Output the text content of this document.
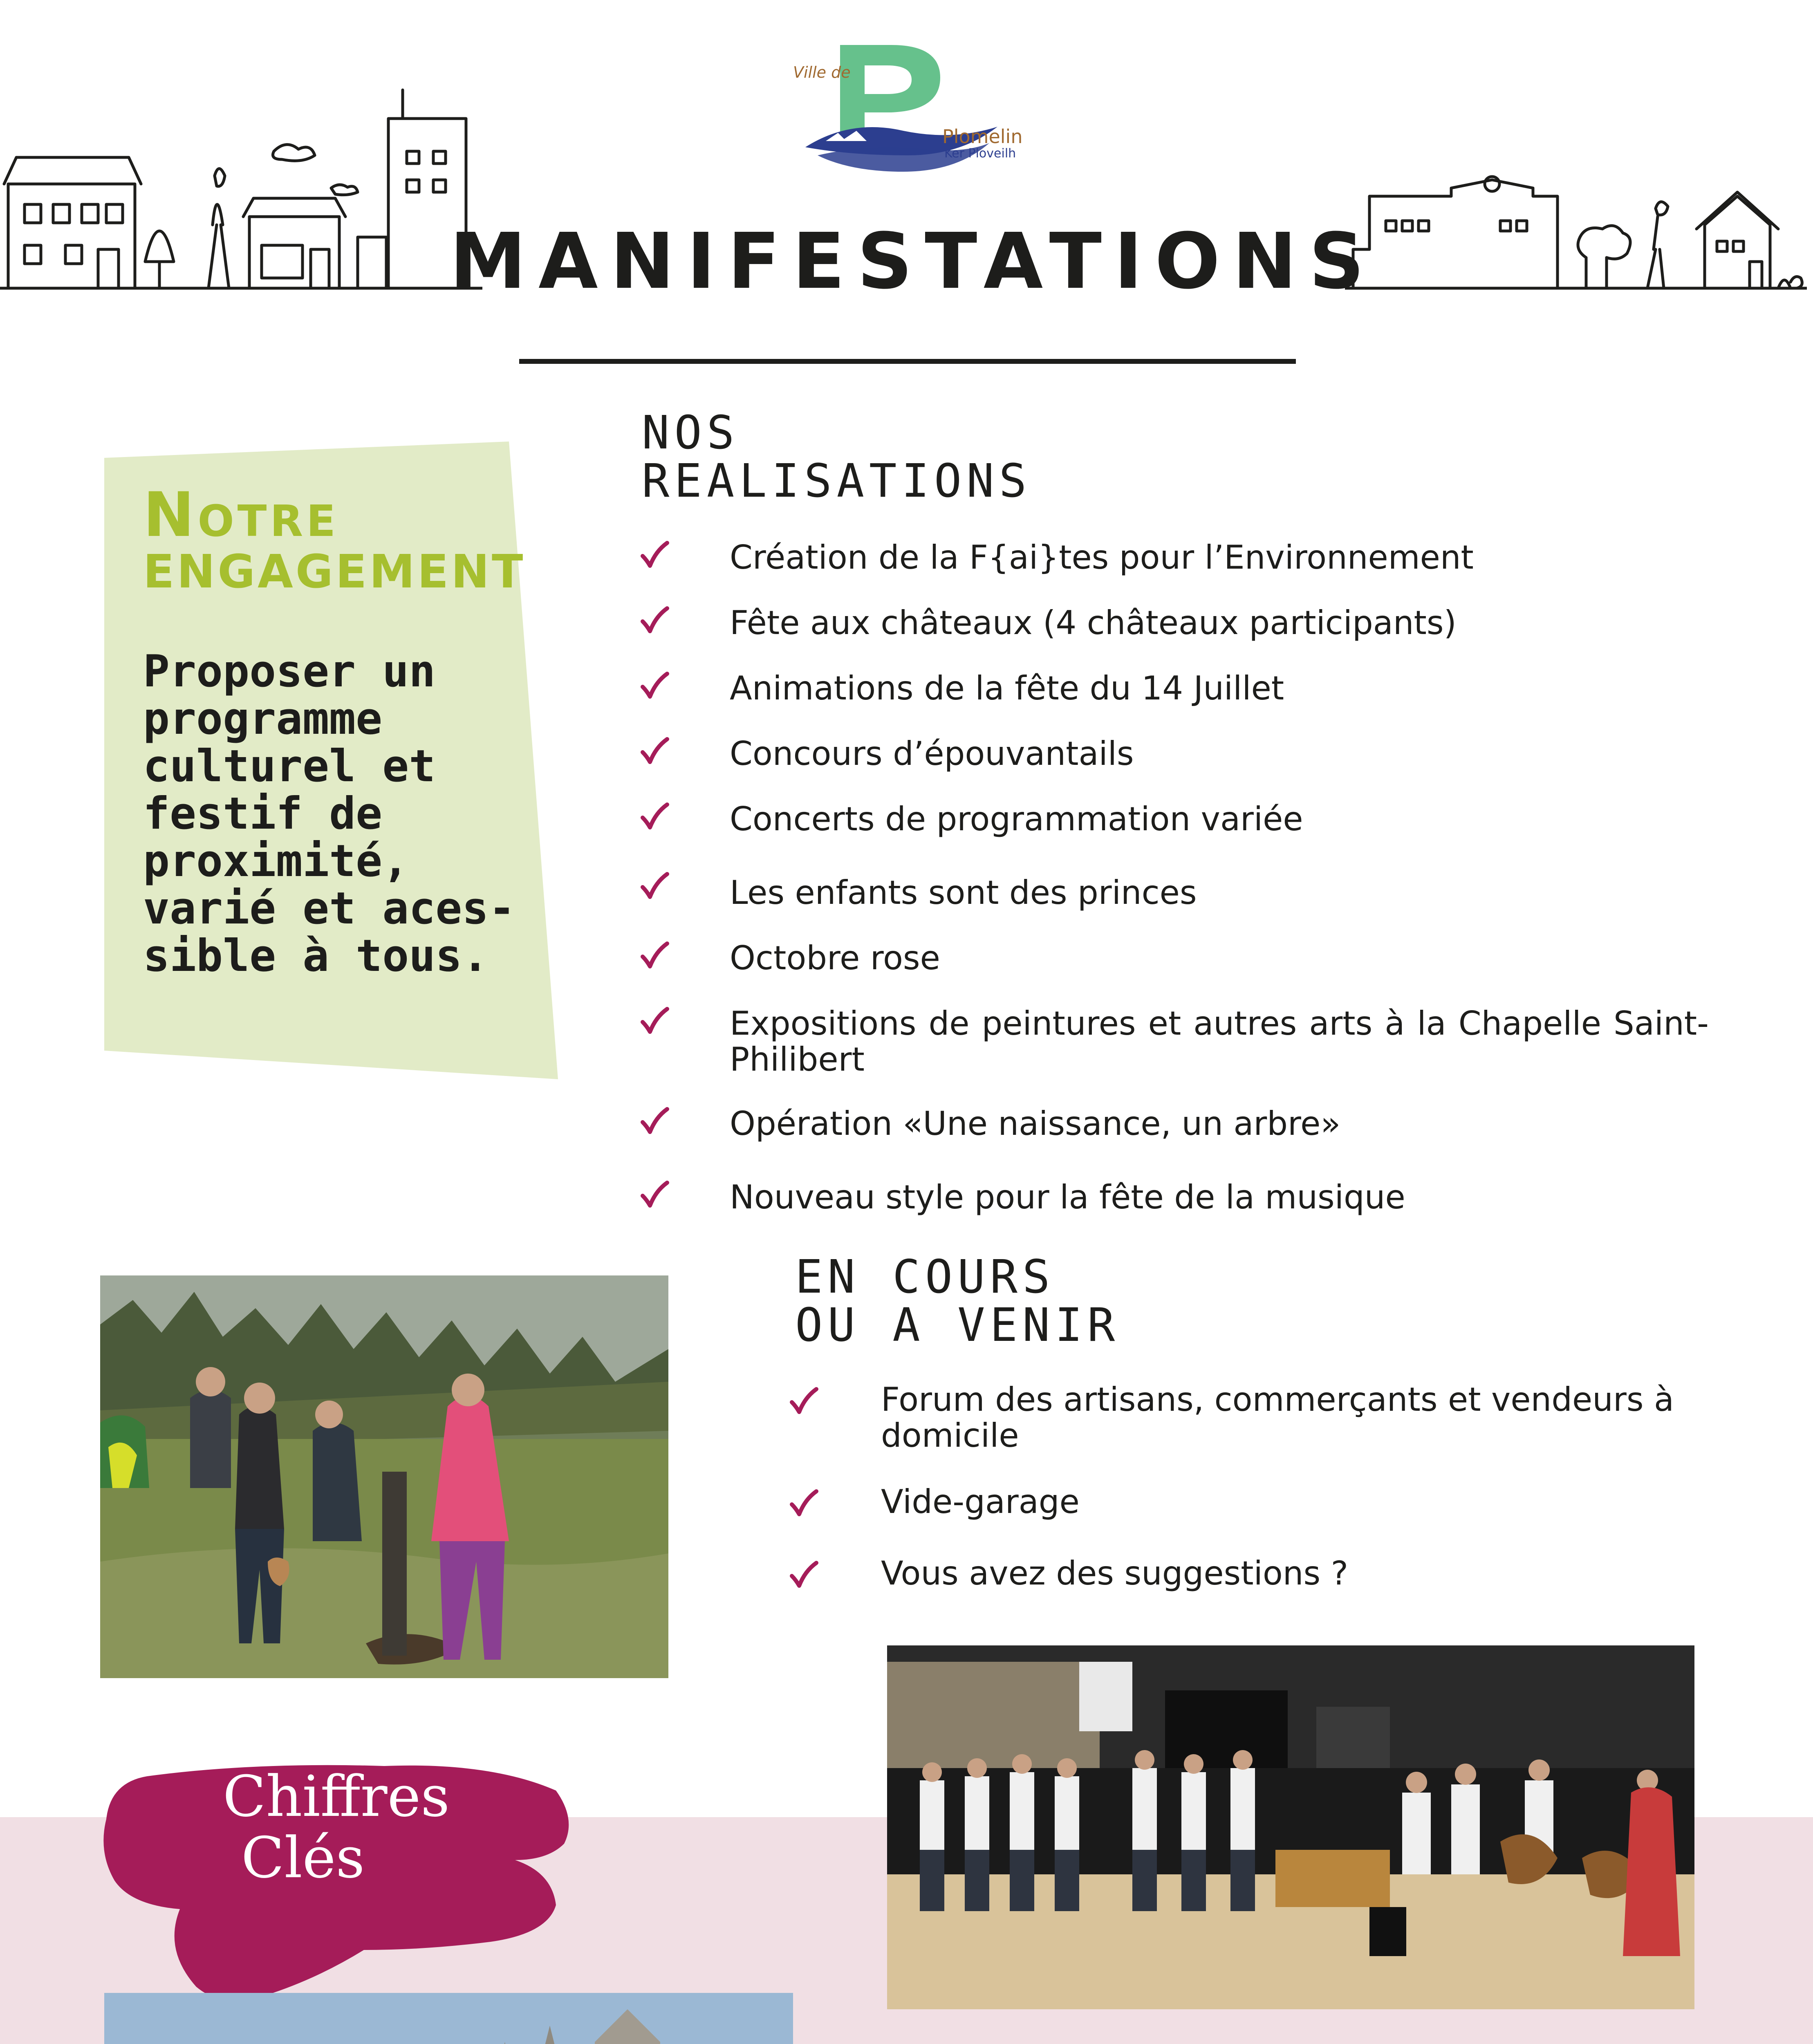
Ville de
Plomelin
Ker Ploveilh
MANIFESTATIONS
Notre
ENGAGEMENT
Proposer un
programme
culturel et
festif de
proximité,
varié et aces-
sible à tous.
NOS
REALISATIONS
Création de la F{ai}tes pour l’Environnement
Fête aux châteaux (4 châteaux participants)
Animations de la fête du 14 Juillet
Concours d’épouvantails
Concerts de programmation variée
Les enfants sont des princes
Octobre rose
Expositions de peintures et autres arts à la Chapelle Saint-Philibert
Opération «Une naissance, un arbre»
Nouveau style pour la fête de la musique
EN COURS
OU A VENIR
Forum des artisans, commerçants et vendeurs à domicile
Vide-garage
Vous avez des suggestions ?
Chiffres
Clés
